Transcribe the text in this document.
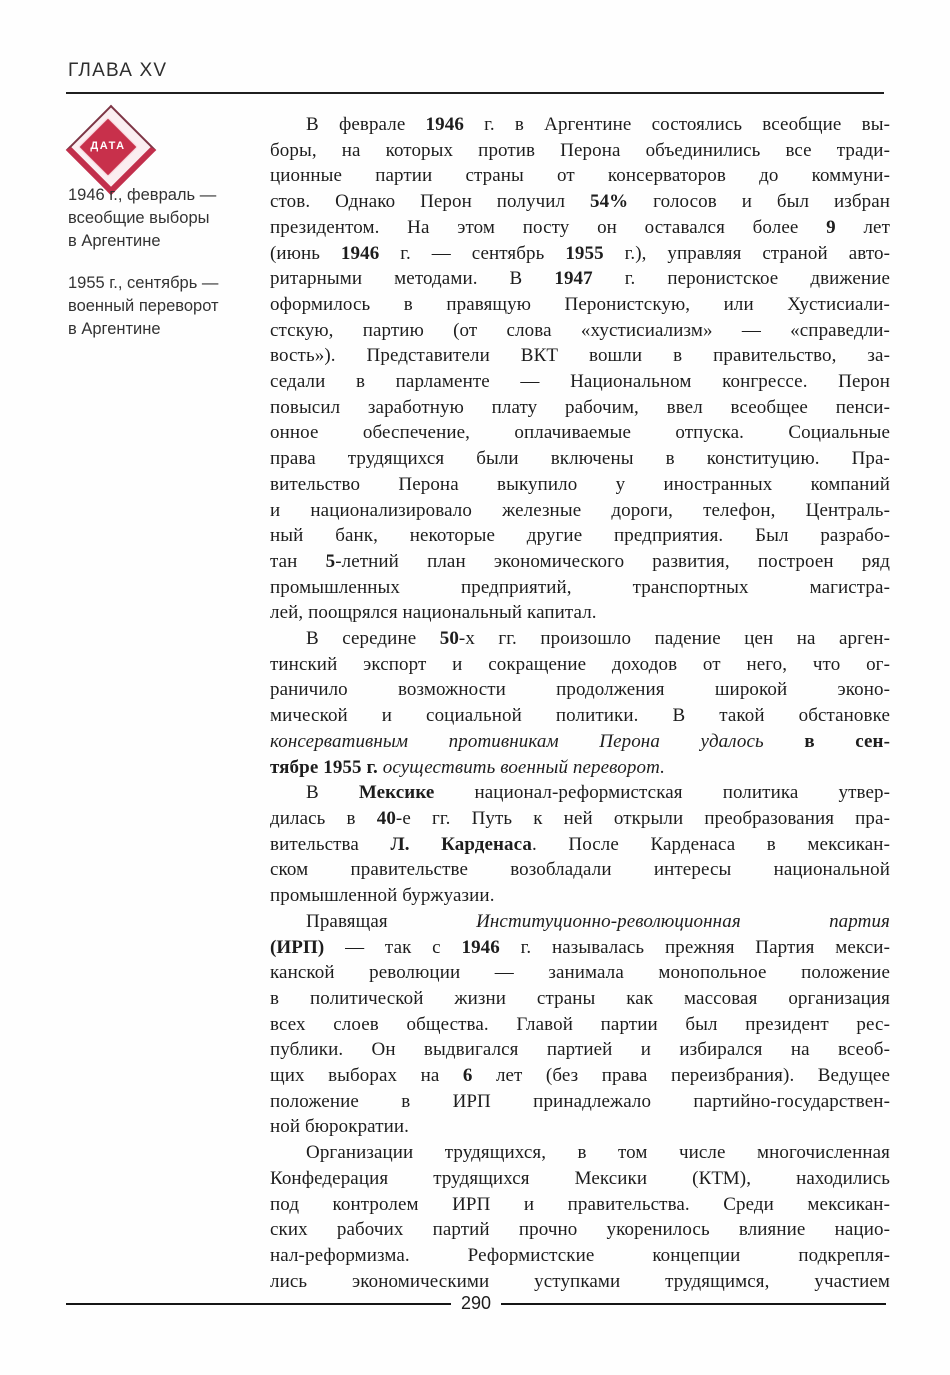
ГЛАВА XV
ДАТА
1946 г., февраль —
всеобщие выборы
в Аргентине
1955 г., сентябрь —
военный переворот
в Аргентине
В феврале 1946 г. в Аргентине состоялись всеобщие вы-
боры, на которых против Перона объединились все тради-
ционные партии страны от консерваторов до коммуни-
стов. Однако Перон получил 54% голосов и был избран
президентом. На этом посту он оставался более 9 лет
(июнь 1946 г. — сентябрь 1955 г.), управляя страной авто-
ритарными методами. В 1947 г. перонистское движение
оформилось в правящую Перонистскую, или Хустисиали-
стскую, партию (от слова «хустисиализм» — «справедли-
вость»). Представители ВКТ вошли в правительство, за-
седали в парламенте — Национальном конгрессе. Перон
повысил заработную плату рабочим, ввел всеобщее пенси-
онное обеспечение, оплачиваемые отпуска. Социальные
права трудящихся были включены в конституцию. Пра-
вительство Перона выкупило у иностранных компаний
и национализировало железные дороги, телефон, Централь-
ный банк, некоторые другие предприятия. Был разрабо-
тан 5-летний план экономического развития, построен ряд
промышленных предприятий, транспортных магистра-
лей, поощрялся национальный капитал.
В середине 50-х гг. произошло падение цен на арген-
тинский экспорт и сокращение доходов от него, что ог-
раничило возможности продолжения широкой эконо-
мической и социальной политики. В такой обстановке
консервативным противникам Перона удалось в сен-
тябре 1955 г. осуществить военный переворот.
В Мексике национал-реформистская политика утвер-
дилась в 40-е гг. Путь к ней открыли преобразования пра-
вительства Л. Карденаса. После Карденаса в мексикан-
ском правительстве возобладали интересы национальной
промышленной буржуазии.
Правящая Институционно-революционная партия
(ИРП) — так с 1946 г. называлась прежняя Партия мекси-
канской революции — занимала монопольное положение
в политической жизни страны как массовая организация
всех слоев общества. Главой партии был президент рес-
публики. Он выдвигался партией и избирался на всеоб-
щих выборах на 6 лет (без права переизбрания). Ведущее
положение в ИРП принадлежало партийно-государствен-
ной бюрократии.
Организации трудящихся, в том числе многочисленная
Конфедерация трудящихся Мексики (КТМ), находились
под контролем ИРП и правительства. Среди мексикан-
ских рабочих партий прочно укоренилось влияние нацио-
нал-реформизма. Реформистские концепции подкрепля-
лись экономическими уступками трудящимся, участием
290
